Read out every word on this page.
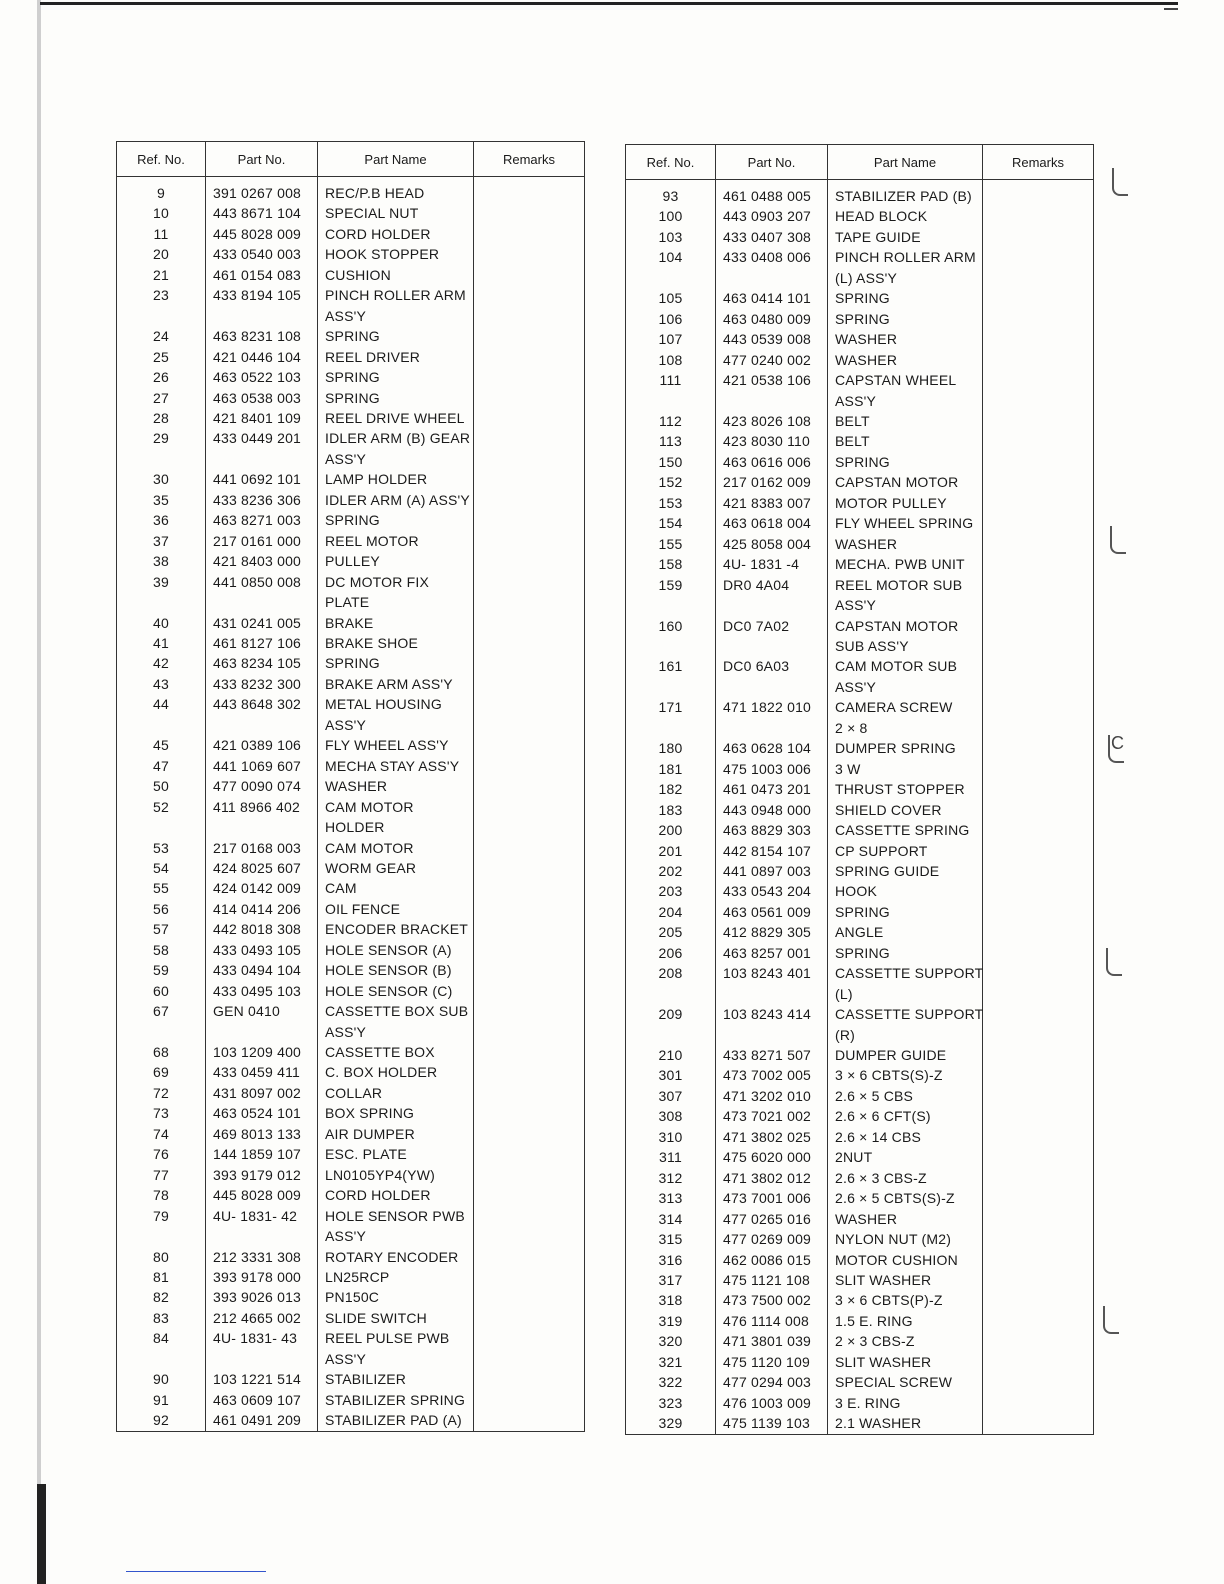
Ref. No.	Part No.	Part Name	Remarks
9	391 0267 008	REC/P.B HEAD	
10	443 8671 104	SPECIAL NUT	
11	445 8028 009	CORD HOLDER	
20	433 0540 003	HOOK STOPPER	
21	461 0154 083	CUSHION	
23	433 8194 105	PINCH ROLLER ARM	
		ASS'Y	
24	463 8231 108	SPRING	
25	421 0446 104	REEL DRIVER	
26	463 0522 103	SPRING	
27	463 0538 003	SPRING	
28	421 8401 109	REEL DRIVE WHEEL	
29	433 0449 201	IDLER ARM (B) GEAR	
		ASS'Y	
30	441 0692 101	LAMP HOLDER	
35	433 8236 306	IDLER ARM (A) ASS'Y	
36	463 8271 003	SPRING	
37	217 0161 000	REEL MOTOR	
38	421 8403 000	PULLEY	
39	441 0850 008	DC MOTOR FIX	
		PLATE	
40	431 0241 005	BRAKE	
41	461 8127 106	BRAKE SHOE	
42	463 8234 105	SPRING	
43	433 8232 300	BRAKE ARM ASS'Y	
44	443 8648 302	METAL HOUSING	
		ASS'Y	
45	421 0389 106	FLY WHEEL ASS'Y	
47	441 1069 607	MECHA STAY ASS'Y	
50	477 0090 074	WASHER	
52	411 8966 402	CAM MOTOR	
		HOLDER	
53	217 0168 003	CAM MOTOR	
54	424 8025 607	WORM GEAR	
55	424 0142 009	CAM	
56	414 0414 206	OIL FENCE	
57	442 8018 308	ENCODER BRACKET	
58	433 0493 105	HOLE SENSOR (A)	
59	433 0494 104	HOLE SENSOR (B)	
60	433 0495 103	HOLE SENSOR (C)	
67	GEN 0410	CASSETTE BOX SUB	
		ASS'Y	
68	103 1209 400	CASSETTE BOX	
69	433 0459 411	C. BOX HOLDER	
72	431 8097 002	COLLAR	
73	463 0524 101	BOX SPRING	
74	469 8013 133	AIR DUMPER	
76	144 1859 107	ESC. PLATE	
77	393 9179 012	LN0105YP4(YW)	
78	445 8028 009	CORD HOLDER	
79	4U- 1831- 42	HOLE SENSOR PWB	
		ASS'Y	
80	212 3331 308	ROTARY ENCODER	
81	393 9178 000	LN25RCP	
82	393 9026 013	PN150C	
83	212 4665 002	SLIDE SWITCH	
84	4U- 1831- 43	REEL PULSE PWB	
		ASS'Y	
90	103 1221 514	STABILIZER	
91	463 0609 107	STABILIZER SPRING	
92	461 0491 209	STABILIZER PAD (A)	
Ref. No.	Part No.	Part Name	Remarks
93	461 0488 005	STABILIZER PAD (B)	
100	443 0903 207	HEAD BLOCK	
103	433 0407 308	TAPE GUIDE	
104	433 0408 006	PINCH ROLLER ARM	
		(L) ASS'Y	
105	463 0414 101	SPRING	
106	463 0480 009	SPRING	
107	443 0539 008	WASHER	
108	477 0240 002	WASHER	
111	421 0538 106	CAPSTAN WHEEL	
		ASS'Y	
112	423 8026 108	BELT	
113	423 8030 110	BELT	
150	463 0616 006	SPRING	
152	217 0162 009	CAPSTAN MOTOR	
153	421 8383 007	MOTOR PULLEY	
154	463 0618 004	FLY WHEEL SPRING	
155	425 8058 004	WASHER	
158	4U- 1831 -4	MECHA. PWB UNIT	
159	DR0 4A04	REEL MOTOR SUB	
		ASS'Y	
160	DC0 7A02	CAPSTAN MOTOR	
		SUB ASS'Y	
161	DC0 6A03	CAM MOTOR SUB	
		ASS'Y	
171	471 1822 010	CAMERA SCREW	
		2 × 8	
180	463 0628 104	DUMPER SPRING	
181	475 1003 006	3 W	
182	461 0473 201	THRUST STOPPER	
183	443 0948 000	SHIELD COVER	
200	463 8829 303	CASSETTE SPRING	
201	442 8154 107	CP SUPPORT	
202	441 0897 003	SPRING GUIDE	
203	433 0543 204	HOOK	
204	463 0561 009	SPRING	
205	412 8829 305	ANGLE	
206	463 8257 001	SPRING	
208	103 8243 401	CASSETTE SUPPORT	
		(L)	
209	103 8243 414	CASSETTE SUPPORT	
		(R)	
210	433 8271 507	DUMPER GUIDE	
301	473 7002 005	3 × 6 CBTS(S)-Z	
307	471 3202 010	2.6 × 5 CBS	
308	473 7021 002	2.6 × 6 CFT(S)	
310	471 3802 025	2.6 × 14 CBS	
311	475 6020 000	2NUT	
312	471 3802 012	2.6 × 3 CBS-Z	
313	473 7001 006	2.6 × 5 CBTS(S)-Z	
314	477 0265 016	WASHER	
315	477 0269 009	NYLON NUT (M2)	
316	462 0086 015	MOTOR CUSHION	
317	475 1121 108	SLIT WASHER	
318	473 7500 002	3 × 6 CBTS(P)-Z	
319	476 1114 008	1.5 E. RING	
320	471 3801 039	2 × 3 CBS-Z	
321	475 1120 109	SLIT WASHER	
322	477 0294 003	SPECIAL SCREW	
323	476 1003 009	3 E. RING	
329	475 1139 103	2.1 WASHER	
C
